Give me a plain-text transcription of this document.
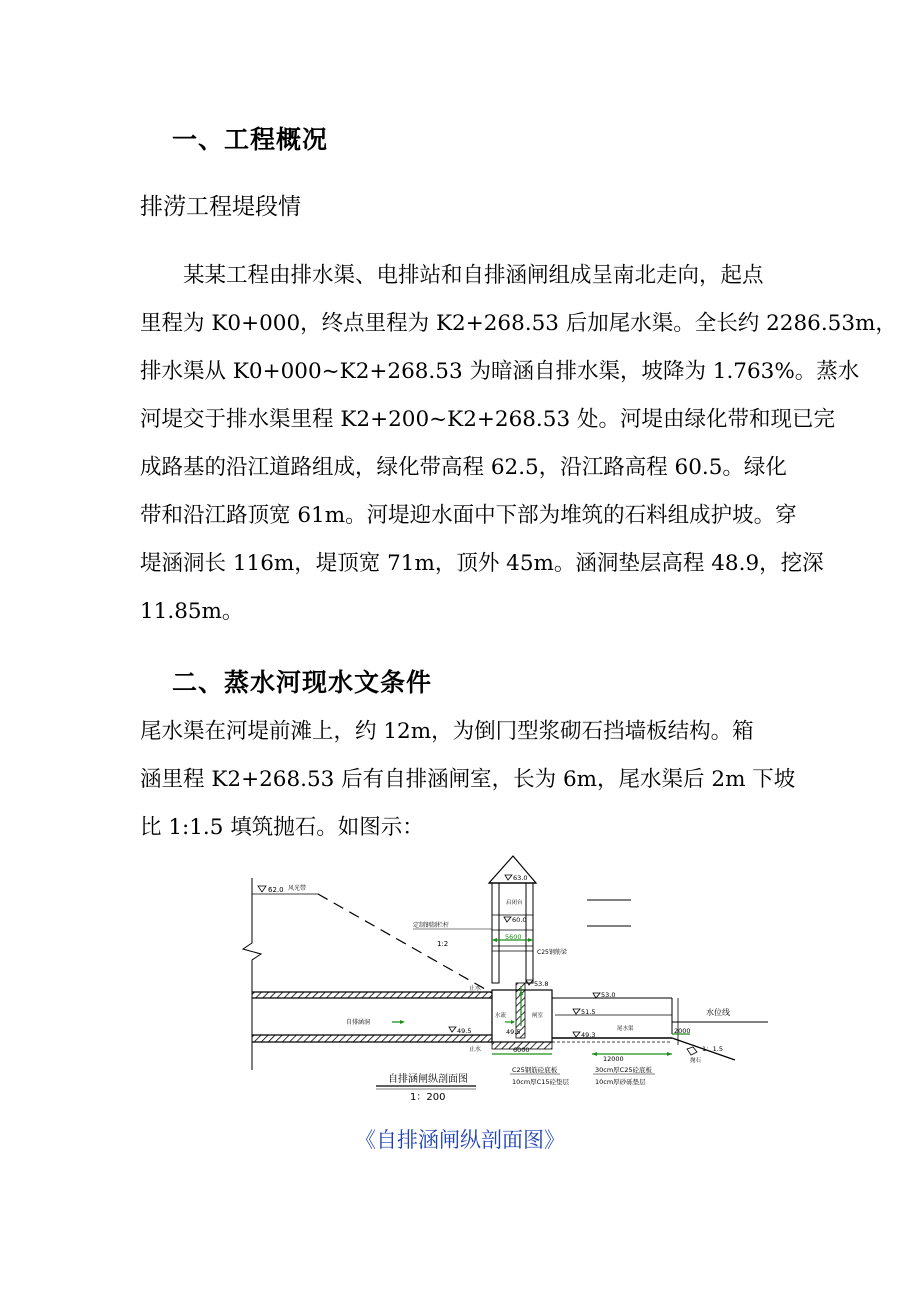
一、工程概况
排涝工程堤段情
　　某某工程由排水渠、电排站和自排涵闸组成呈南北走向，起点
里程为 K0+000，终点里程为 K2+268.53 后加尾水渠。全长约 2286.53m，
排水渠从 K0+000~K2+268.53 为暗涵自排水渠，坡降为 1.763%。蒸水
河堤交于排水渠里程 K2+200~K2+268.53 处。河堤由绿化带和现已完
成路基的沿江道路组成，绿化带高程 62.5，沿江路高程 60.5。绿化
带和沿江路顶宽 61m。河堤迎水面中下部为堆筑的石料组成护坡。穿
堤涵洞长 116m，堤顶宽 71m，顶外 45m。涵洞垫层高程 48.9，挖深
11.85m。
二、蒸水河现水文条件
尾水渠在河堤前滩上，约 12m，为倒冂型浆砌石挡墙板结构。箱
涵里程 K2+268.53 后有自排涵闸室，长为 6m，尾水渠后 2m 下坡
比 1:1.5 填筑抛石。如图示：
62.0 风光带
1:2
定制钢制栏杆
63.0
启闭台
60.0
5600
C25钢筋梁
53.8
止水
自排涵洞
49.5
水流	闸室
49.5
止水
53.0
51.5
尾水渠
49.3
水位线
2000
1：1.5
抛石
6000
12000
C25钢筋砼底板
10cm厚C15砼垫层
30cm厚C25砼底板
10cm厚砂砾垫层
自排涵闸纵剖面图
1：200
《自排涵闸纵剖面图》
